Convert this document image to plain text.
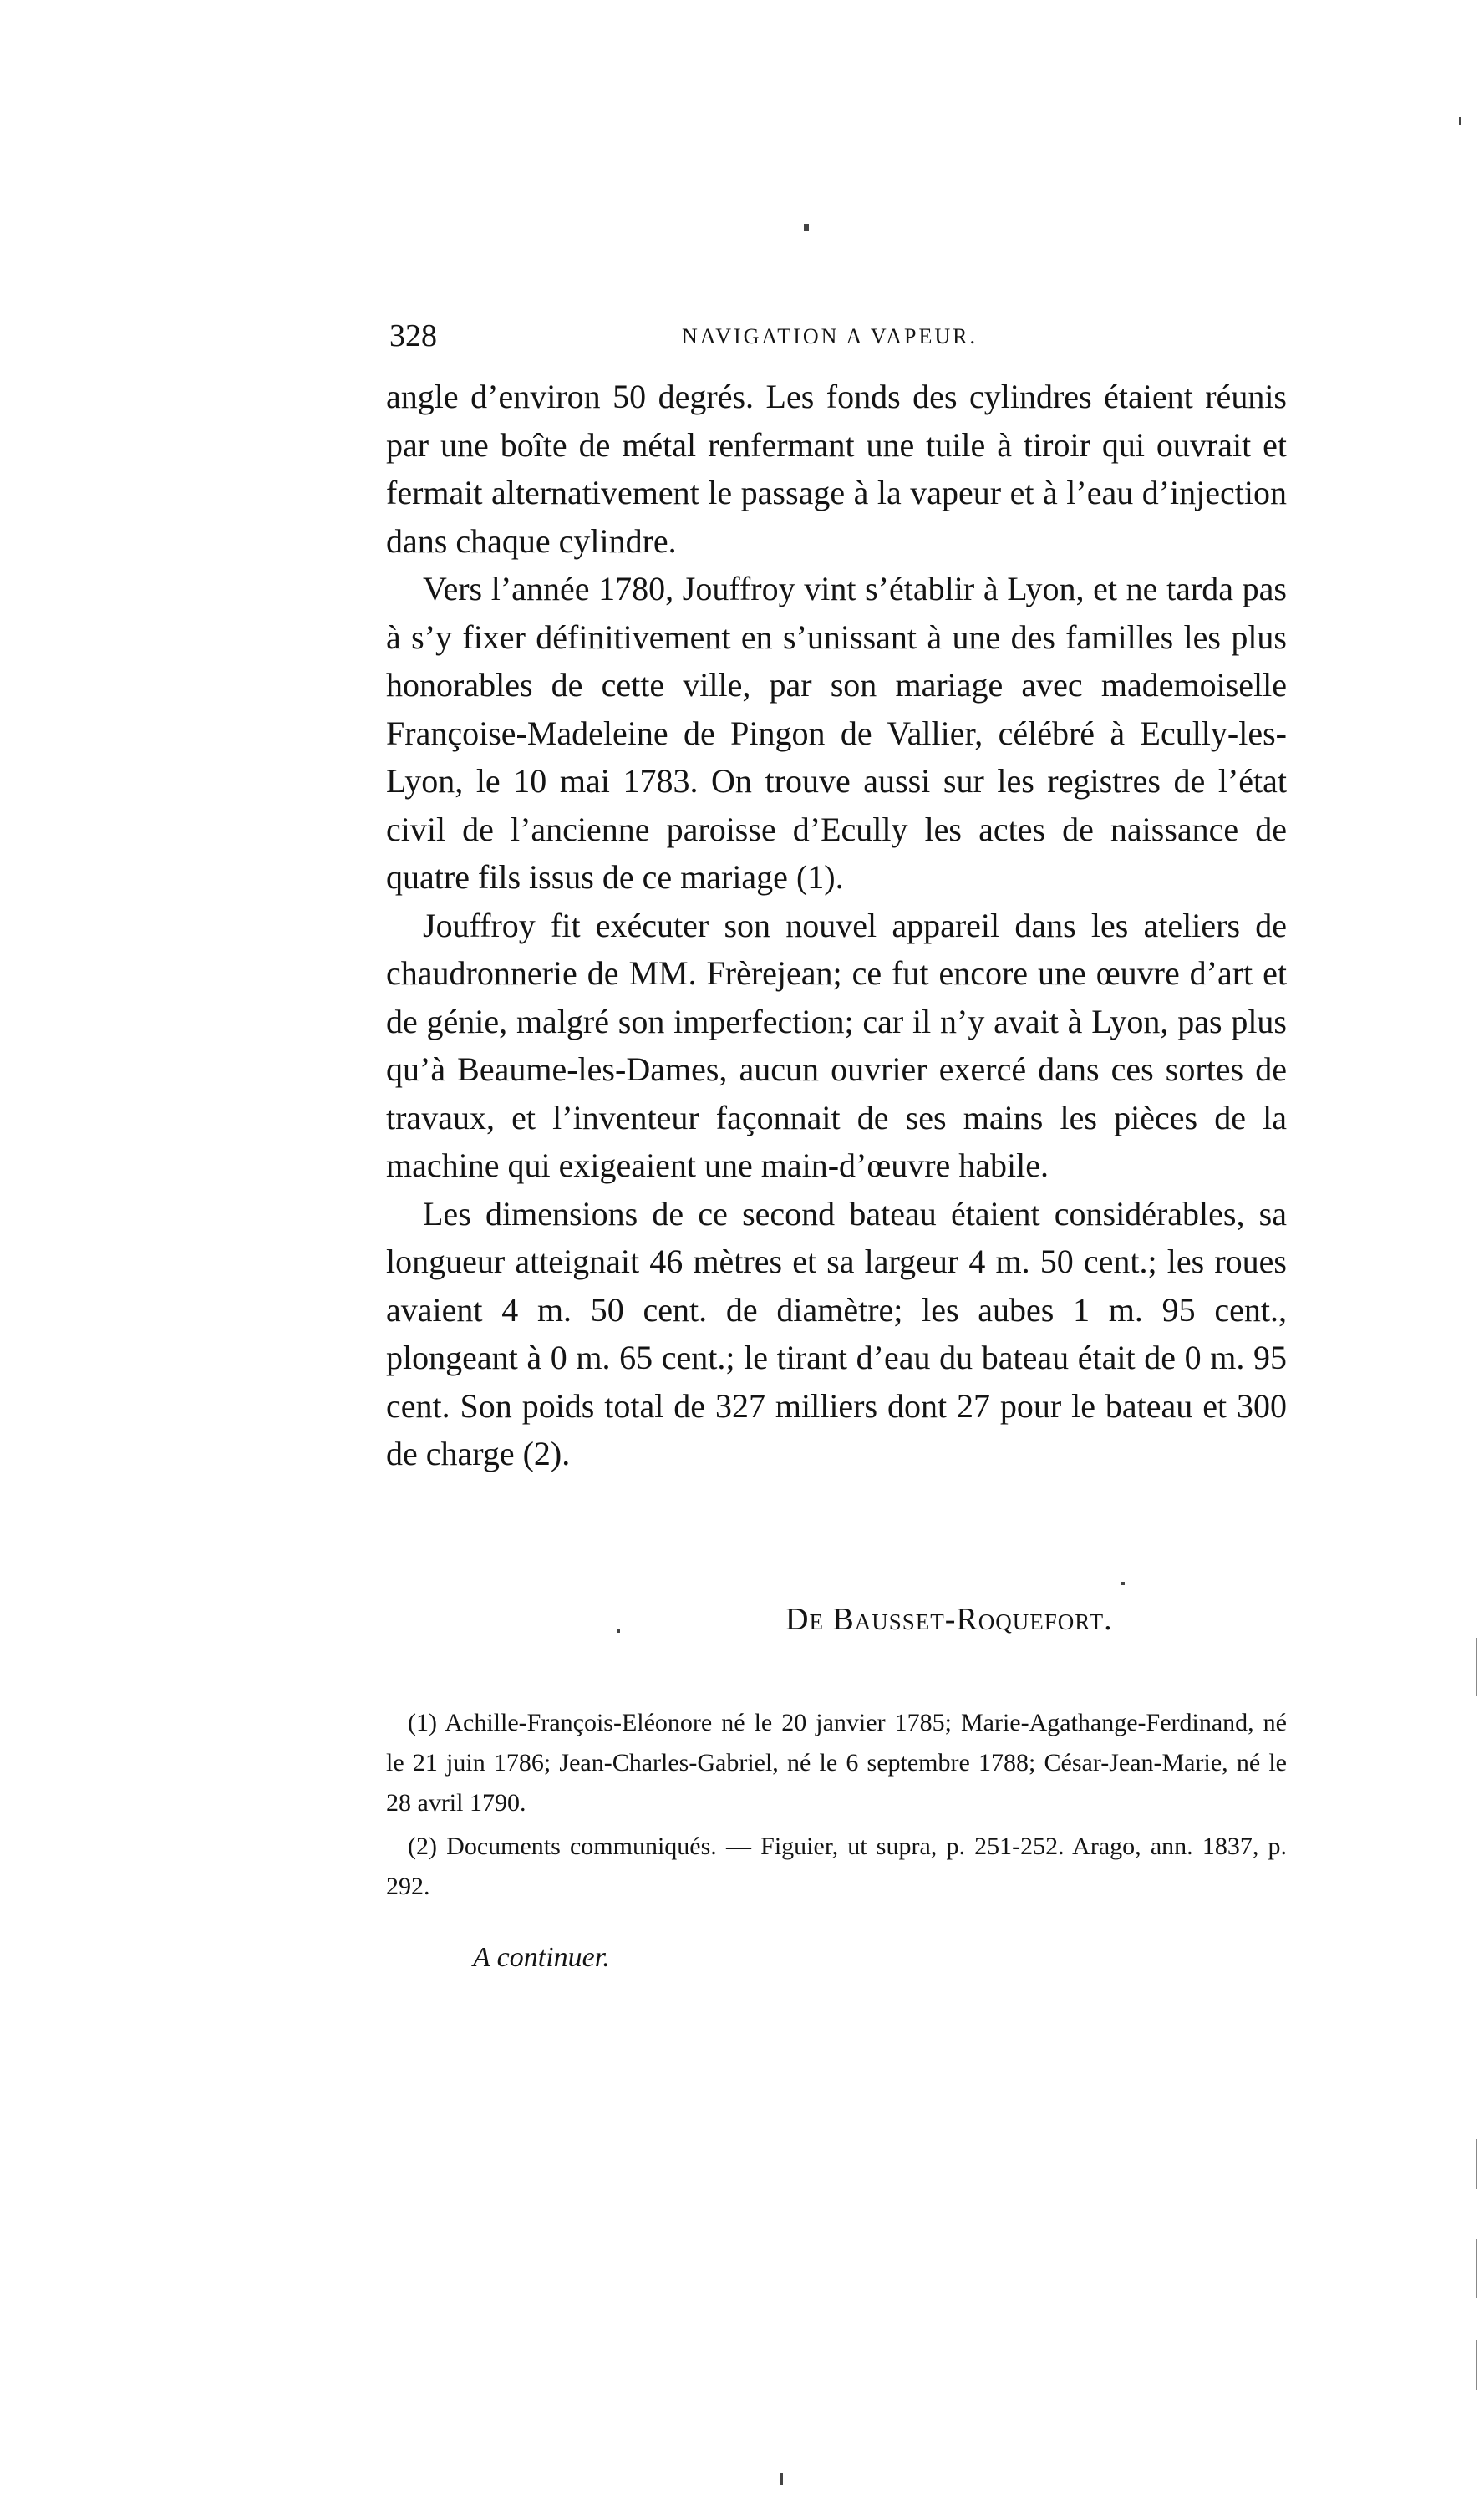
328	NAVIGATION A VAPEUR.

angle d’environ 50 degrés. Les fonds des cylindres étaient réunis par une boîte de métal renfermant une tuile à tiroir qui ouvrait et fermait alternativement le passage à la vapeur et à l’eau d’injection dans chaque cylindre.

Vers l’année 1780, Jouffroy vint s’établir à Lyon, et ne tarda pas à s’y fixer définitivement en s’unissant à une des familles les plus honorables de cette ville, par son mariage avec mademoiselle Françoise-Madeleine de Pingon de Vallier, célébré à Ecully-les-Lyon, le 10 mai 1783. On trouve aussi sur les registres de l’état civil de l’ancienne paroisse d’Ecully les actes de naissance de quatre fils issus de ce mariage (1).

Jouffroy fit exécuter son nouvel appareil dans les ateliers de chaudronnerie de MM. Frèrejean; ce fut encore une œuvre d’art et de génie, malgré son imperfection; car il n’y avait à Lyon, pas plus qu’à Beaume-les-Dames, aucun ouvrier exercé dans ces sortes de travaux, et l’inventeur façonnait de ses mains les pièces de la machine qui exigeaient une main-d’œuvre habile.

Les dimensions de ce second bateau étaient considérables, sa longueur atteignait 46 mètres et sa largeur 4 m. 50 cent.; les roues avaient 4 m. 50 cent. de diamètre; les aubes 1 m. 95 cent., plongeant à 0 m. 65 cent.; le tirant d’eau du bateau était de 0 m. 95 cent. Son poids total de 327 milliers dont 27 pour le bateau et 300 de charge (2).

De Bausset-Roquefort.

(1) Achille-François-Eléonore né le 20 janvier 1785; Marie-Agathange-Ferdinand, né le 21 juin 1786; Jean-Charles-Gabriel, né le 6 septembre 1788; César-Jean-Marie, né le 28 avril 1790.

(2) Documents communiqués. — Figuier, ut supra, p. 251-252. Arago, ann. 1837, p. 292.

A continuer.
